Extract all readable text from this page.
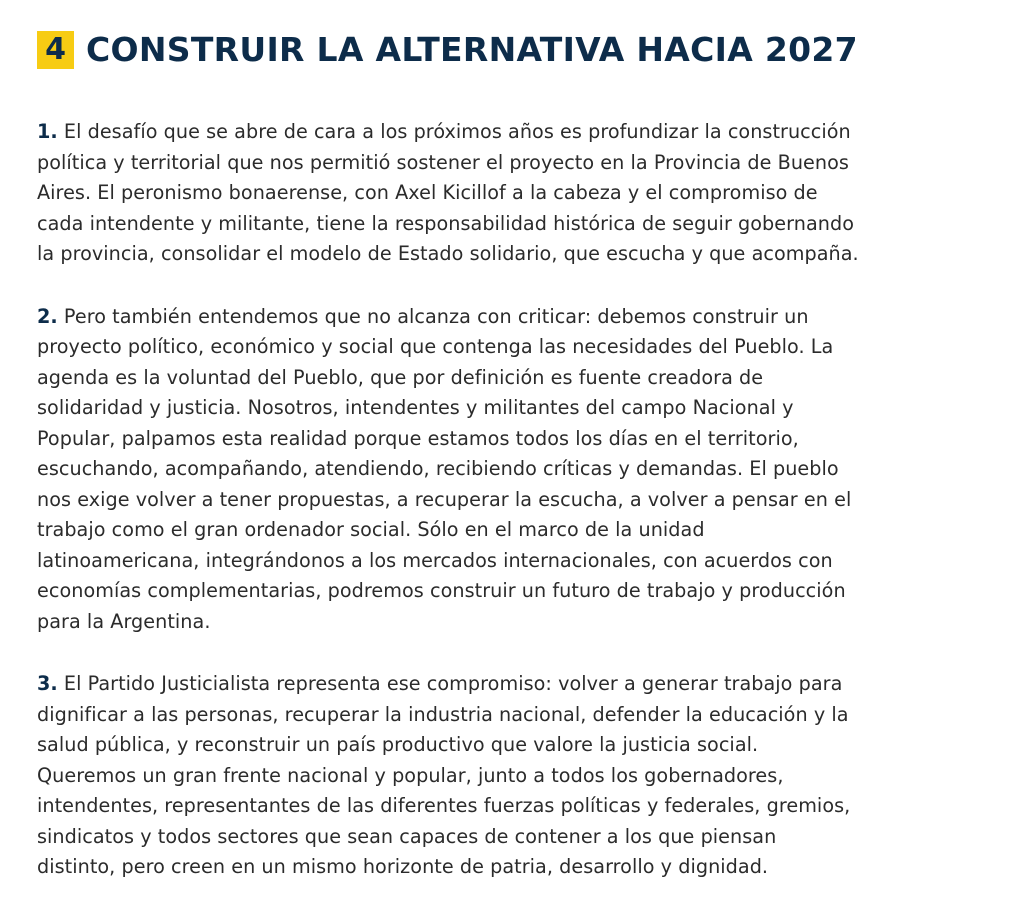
4 CONSTRUIR LA ALTERNATIVA HACIA 2027

1. El desafío que se abre de cara a los próximos años es profundizar la construcción
política y territorial que nos permitió sostener el proyecto en la Provincia de Buenos
Aires. El peronismo bonaerense, con Axel Kicillof a la cabeza y el compromiso de
cada intendente y militante, tiene la responsabilidad histórica de seguir gobernando
la provincia, consolidar el modelo de Estado solidario, que escucha y que acompaña.

2. Pero también entendemos que no alcanza con criticar: debemos construir un
proyecto político, económico y social que contenga las necesidades del Pueblo. La
agenda es la voluntad del Pueblo, que por definición es fuente creadora de
solidaridad y justicia. Nosotros, intendentes y militantes del campo Nacional y
Popular, palpamos esta realidad porque estamos todos los días en el territorio,
escuchando, acompañando, atendiendo, recibiendo críticas y demandas. El pueblo
nos exige volver a tener propuestas, a recuperar la escucha, a volver a pensar en el
trabajo como el gran ordenador social. Sólo en el marco de la unidad
latinoamericana, integrándonos a los mercados internacionales, con acuerdos con
economías complementarias, podremos construir un futuro de trabajo y producción
para la Argentina.

3. El Partido Justicialista representa ese compromiso: volver a generar trabajo para
dignificar a las personas, recuperar la industria nacional, defender la educación y la
salud pública, y reconstruir un país productivo que valore la justicia social.
Queremos un gran frente nacional y popular, junto a todos los gobernadores,
intendentes, representantes de las diferentes fuerzas políticas y federales, gremios,
sindicatos y todos sectores que sean capaces de contener a los que piensan
distinto, pero creen en un mismo horizonte de patria, desarrollo y dignidad.
